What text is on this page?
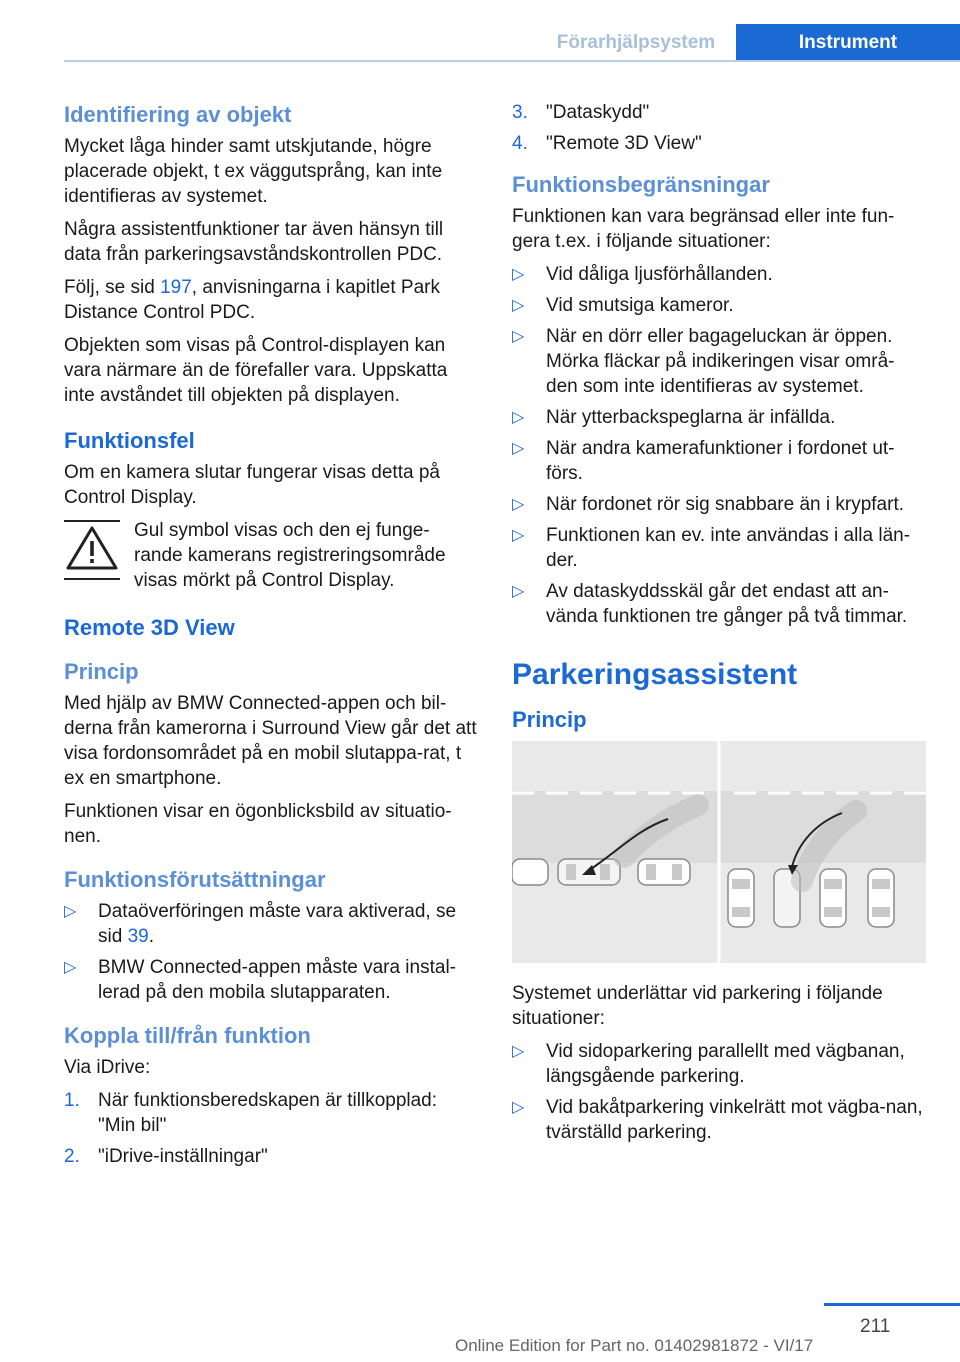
Förarhjälpsystem	Instrument
Identifiering av objekt

Mycket låga hinder samt utskjutande, högre placerade objekt, t ex väggutsprång, kan inte identifieras av systemet.

Några assistentfunktioner tar även hänsyn till data från parkeringsavståndskontrollen PDC.

Följ, se sid 197, anvisningarna i kapitlet Park Distance Control PDC.

Objekten som visas på Control-displayen kan vara närmare än de förefaller vara. Uppskatta inte avståndet till objekten på displayen.

Funktionsfel

Om en kamera slutar fungerar visas detta på Control Display.

Gul symbol visas och den ej funge-rande kamerans registreringsområde visas mörkt på Control Display.
Remote 3D View
Princip

Med hjälp av BMW Connected-appen och bil-derna från kamerorna i Surround View går det att visa fordonsområdet på en mobil slutappa-rat, t ex en smartphone.

Funktionen visar en ögonblicksbild av situatio-nen.

Funktionsförutsättningar
▷ Dataöverföringen måste vara aktiverad, se sid 39.
▷ BMW Connected-appen måste vara instal-lerad på den mobila slutapparaten.
Koppla till/från funktion

Via iDrive:

1. När funktionsberedskapen är tillkopplad: "Min bil"
2. "iDrive-inställningar"
3. "Dataskydd"
4. "Remote 3D View"
Funktionsbegränsningar

Funktionen kan vara begränsad eller inte fun-gera t.ex. i följande situationer:

▷ Vid dåliga ljusförhållanden.
▷ Vid smutsiga kameror.
▷ När en dörr eller bagageluckan är öppen. Mörka fläckar på indikeringen visar områ-den som inte identifieras av systemet.
▷ När ytterbackspeglarna är infällda.
▷ När andra kamerafunktioner i fordonet ut-förs.
▷ När fordonet rör sig snabbare än i krypfart.
▷ Funktionen kan ev. inte användas i alla län-der.
▷ Av dataskyddsskäl går det endast att an-vända funktionen tre gånger på två timmar.
Parkeringsassistent
Princip

Systemet underlättar vid parkering i följande situationer:

▷ Vid sidoparkering parallellt med vägbanan, längsgående parkering.
▷ Vid bakåtparkering vinkelrätt mot vägba-nan, tvärställd parkering.
211
Online Edition for Part no. 01402981872 - VI/17
